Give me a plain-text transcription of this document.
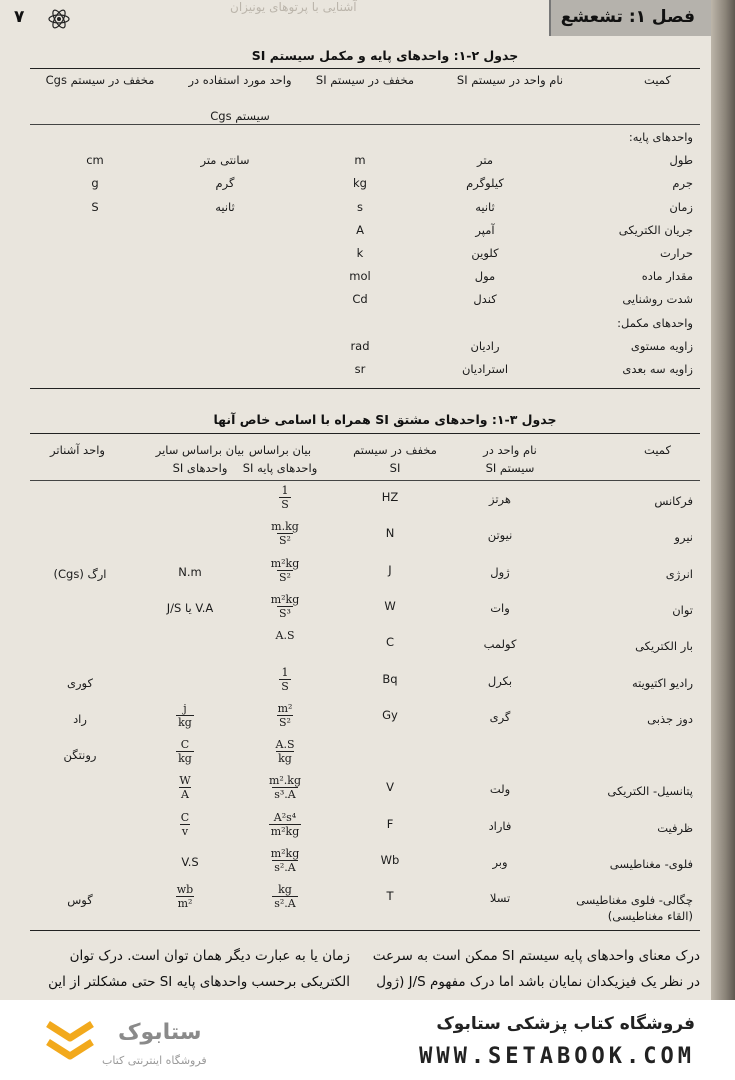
آشنایی با پرتوهای یونیزان	فصل ۱: تشعشع
۷
جدول ۲-۱: واحدهای پایه و مکمل سیستم SI
کمیت
نام واحد در سیستم SI
مخفف در سیستم SI
واحد مورد استفاده در
سیستم Cgs
مخفف در سیستم Cgs
واحدهای پایه:
طول
متر
m
سانتی متر
cm
جرم
کیلوگرم
kg
گرم
g
زمان
ثانیه
s
ثانیه
S
جریان الکتریکی
آمپر
A
حرارت
کلوین
k
مقدار ماده
مول
mol
شدت روشنایی
کندل
Cd
واحدهای مکمل:
زاویه مستوی
رادیان
rad
زاویه سه بعدی
استرادیان
sr
جدول ۳-۱: واحدهای مشتق SI همراه با اسامی خاص آنها
کمیت
نام واحد در
سیستم SI
مخفف در سیستم
SI
بیان براساس
واحدهای پایه SI
بیان براساس سایر
واحدهای SI
واحد آشناتر
فرکانس
هرتز
HZ
$\frac{1}{S}$
نیرو
نیوتن
N
$\frac{m.kg}{\text{S²}}$
انرژی
ژول
J
$\frac{\text{m²kg}}{\text{S²}}$
N.m
ارگ (Cgs)
توان
وات
W
$\frac{\text{m²kg}}{\text{S³}}$
J/S یا V.A
بار الکتریکی
کولمب
C
A.S
رادیو اکتیویته
بکرل
Bq
$\frac{1}{S}$
کوری
دوز جذبی
گری
Gy
$\frac{\text{m²}}{\text{S²}}$
$\frac{j}{kg}$
راد
$\frac{A.S}{kg}$
$\frac{C}{kg}$
رونتگن
پتانسیل- الکتریکی
ولت
V
$\frac{\text{m².kg}}{\text{s³.A}}$
$\frac{W}{A}$
ظرفیت
فاراد
F
$\frac{\text{A²s⁴}}{\text{m²kg}}$
$\frac{C}{v}$
فلوی- مغناطیسی
وبر
Wb
$\frac{\text{m²kg}}{\text{s².A}}$
V.S
چگالی- فلوی مغناطیسی
(القاء مغناطیسی)
تسلا
T
$\frac{kg}{\text{s².A}}$
$\frac{wb}{\text{m²}}$
گوس
درک معنای واحدهای پایه سیستم SI ممکن است به سرعت
در نظر یک فیزیکدان نمایان باشد اما درک مفهوم J/S (ژول
زمان یا به عبارت دیگر همان توان است. درک توان
الکتریکی برحسب واحدهای پایه SI حتی مشکلتر از این
فروشگاه کتاب پزشکی ستابوک
WWW.SETABOOK.COM
ستابوک
فروشگاه اینترنتی کتاب
